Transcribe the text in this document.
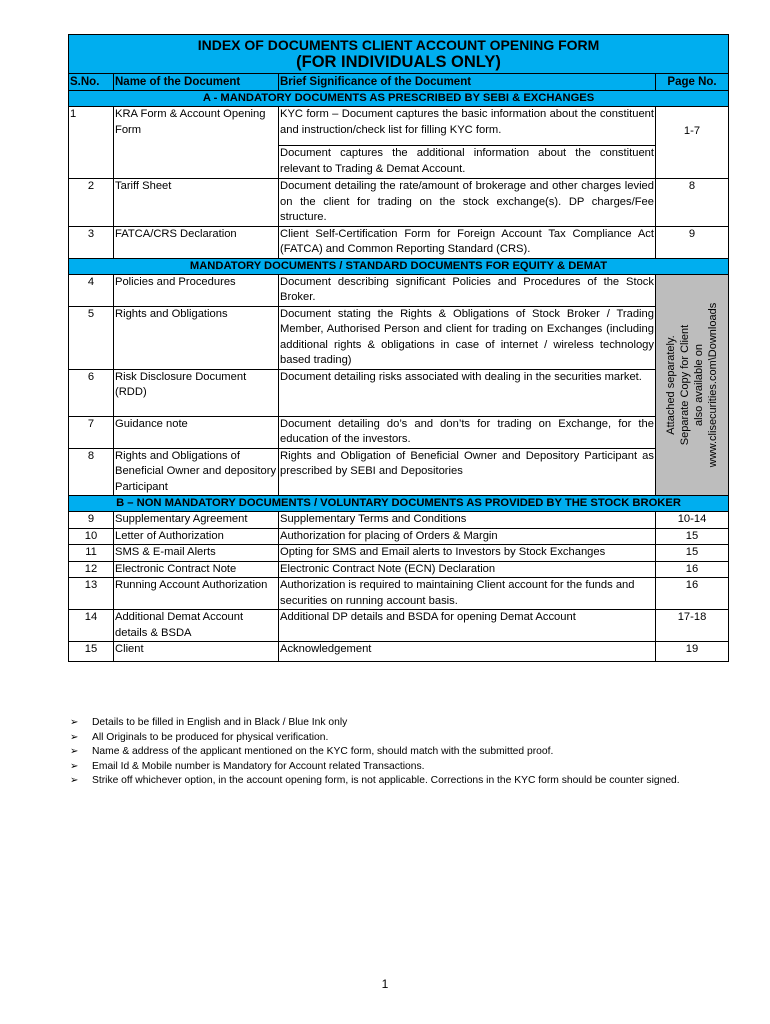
INDEX OF DOCUMENTS CLIENT ACCOUNT OPENING FORM
(FOR INDIVIDUALS ONLY)			

S.No.	Name of the Document	Brief Significance of the Document	Page No.
A - MANDATORY DOCUMENTS AS PRESCRIBED BY SEBI & EXCHANGES			
1	KRA Form & Account Opening Form	KYC form – Document captures the basic information about the constituent and instruction/check list for filling KYC form.	1-7
		Document captures the additional information about the constituent relevant to Trading & Demat Account.	
2	Tariff Sheet	Document detailing the rate/amount of brokerage and other charges levied on the client for trading on the stock exchange(s). DP charges/Fee structure.	8
3	FATCA/CRS Declaration	Client Self-Certification Form for Foreign Account Tax Compliance Act (FATCA) and Common Reporting Standard (CRS).	9
MANDATORY DOCUMENTS / STANDARD DOCUMENTS FOR EQUITY & DEMAT			
4	Policies and Procedures	Document describing significant Policies and Procedures of the Stock Broker.	Attached separately. Separate Copy for Client also available on www.clisecurities.com\Downloads

5	Rights and Obligations	Document stating the Rights & Obligations of Stock Broker / Trading Member, Authorised Person and client for trading on Exchanges (including additional rights & obligations in case of internet / wireless technology based trading)	
6	Risk Disclosure Document (RDD)	Document detailing risks associated with dealing in the securities market.	
7	Guidance note	Document detailing do’s and don’ts for trading on Exchange, for the education of the investors.	
8	Rights and Obligations of Beneficial Owner and depository Participant	Rights and Obligation of Beneficial Owner and Depository Participant as prescribed by SEBI and Depositories	
B – NON MANDATORY DOCUMENTS / VOLUNTARY DOCUMENTS AS PROVIDED BY THE STOCK BROKER			
9	Supplementary Agreement	Supplementary Terms and Conditions	10-14
10	Letter of Authorization	Authorization for placing of Orders & Margin	15
11	SMS & E-mail Alerts	Opting for SMS and Email alerts to Investors by Stock Exchanges	15
12	Electronic Contract Note	Electronic Contract Note (ECN) Declaration	16
13	Running Account Authorization	Authorization is required to maintaining Client account for the funds and securities on running account basis.	16
14	Additional Demat Account details & BSDA	Additional DP details and BSDA for opening Demat Account	17-18
15	Client	Acknowledgement	19
➢	Details to be filled in English and in Black / Blue Ink only
➢	All Originals to be produced for physical verification.
➢	Name & address of the applicant mentioned on the KYC form, should match with the submitted proof.
➢	Email Id & Mobile number is Mandatory for Account related Transactions.
➢	Strike off whichever option, in the account opening form, is not applicable. Corrections in the KYC form should be counter signed.
1
